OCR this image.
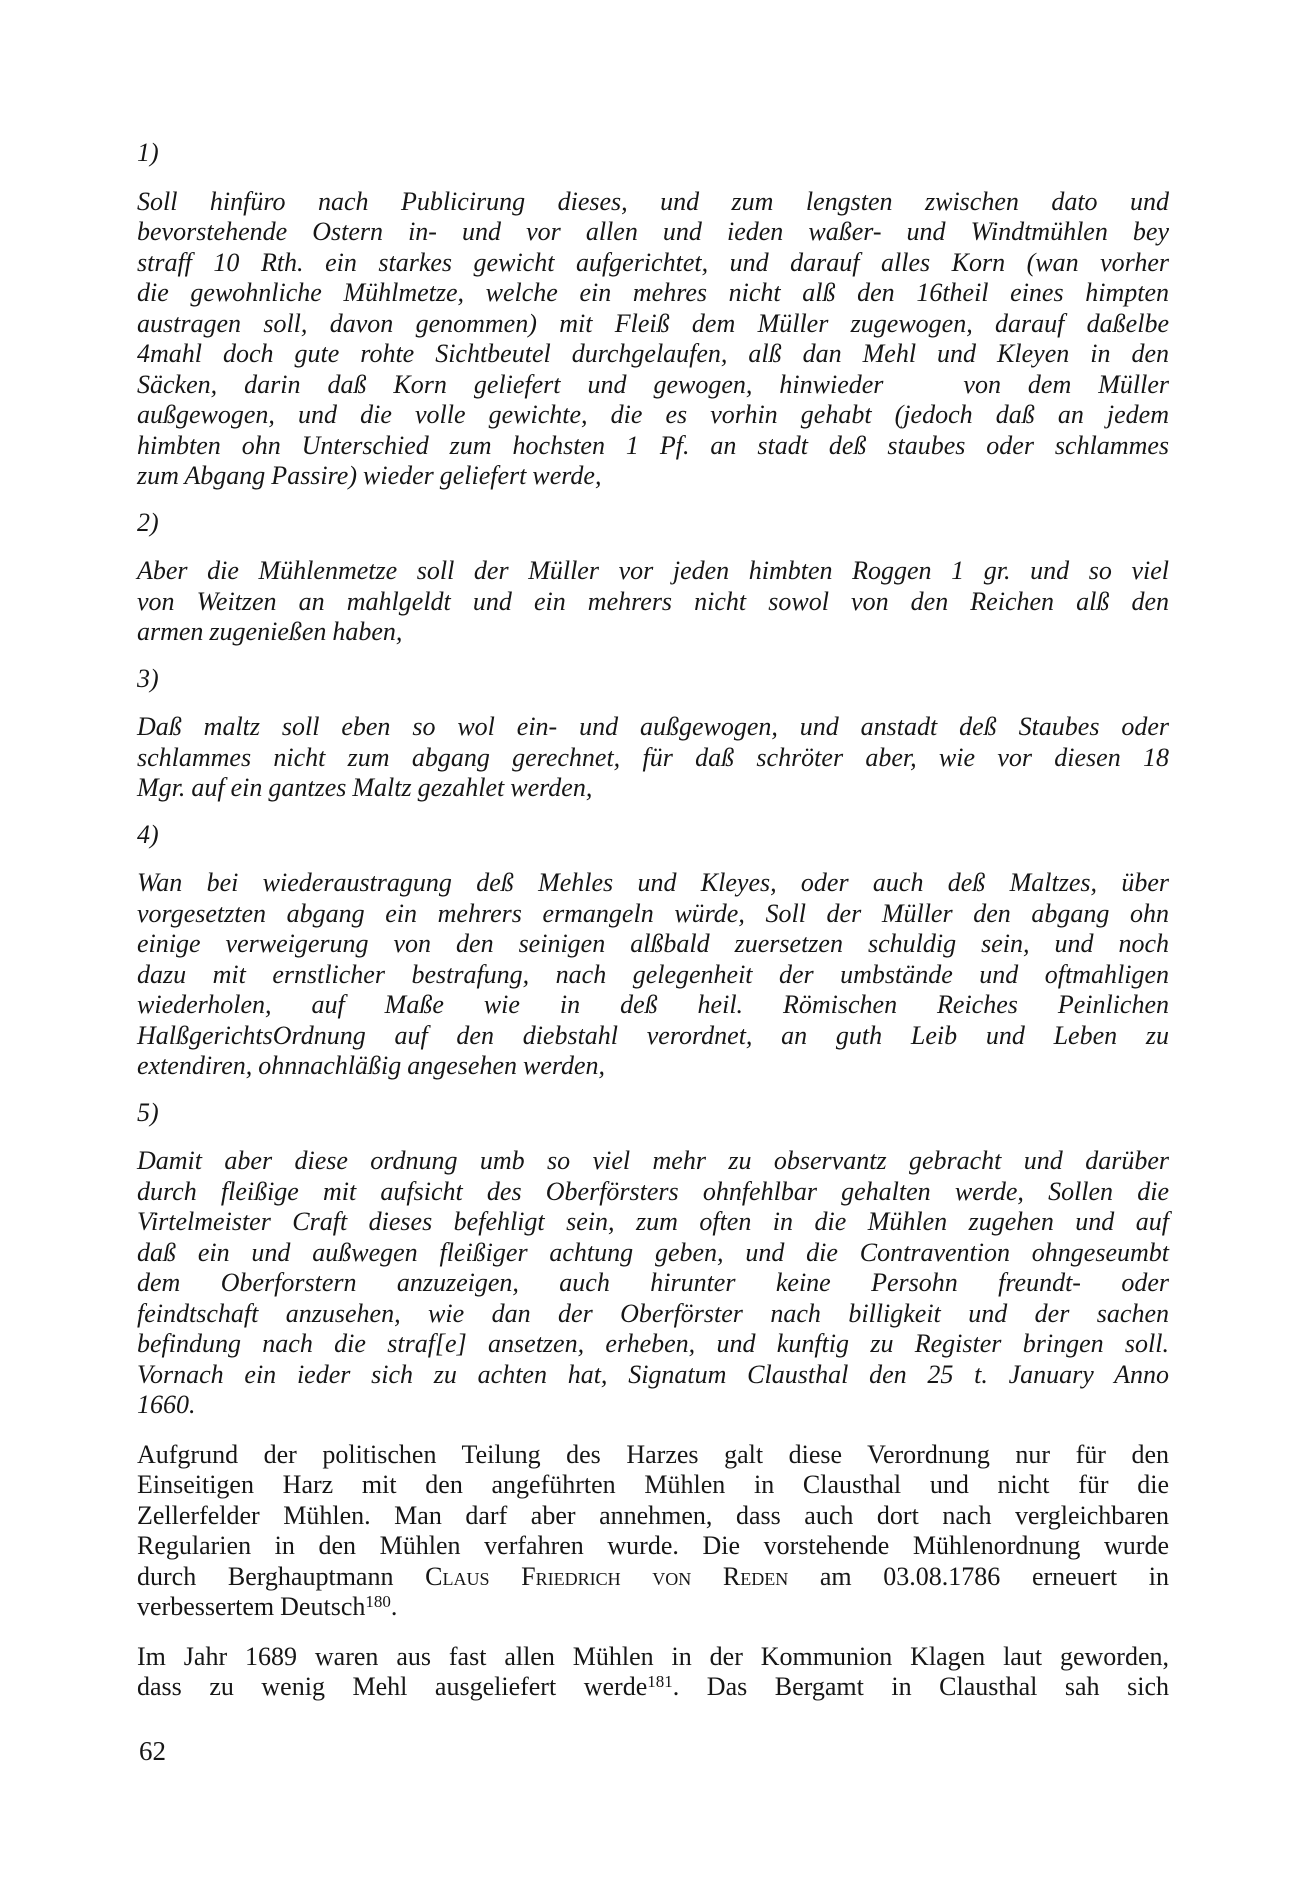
1)
Soll hinfüro nach Publicirung dieses, und zum lengsten zwischen dato und
bevorstehende Ostern in- und vor allen und ieden waßer- und Windtmühlen bey
straff 10 Rth. ein starkes gewicht aufgerichtet, und darauf alles Korn (wan vorher
die gewohnliche Mühlmetze, welche ein mehres nicht alß den 16theil eines himpten
austragen soll, davon genommen) mit Fleiß dem Müller zugewogen, darauf daßelbe
4mahl doch gute rohte Sichtbeutel durchgelaufen, alß dan Mehl und Kleyen in den
Säcken, darin daß Korn geliefert und gewogen, hinwieder	von dem Müller
außgewogen, und die volle gewichte, die es vorhin gehabt (jedoch daß an jedem
himbten ohn Unterschied zum hochsten 1 Pf. an stadt deß staubes oder schlammes
zum Abgang Passire) wieder geliefert werde,
2)
Aber die Mühlenmetze soll der Müller vor jeden himbten Roggen 1 gr. und so viel
von Weitzen an mahlgeldt und ein mehrers nicht sowol von den Reichen alß den
armen zugenießen haben,
3)
Daß maltz soll eben so wol ein- und außgewogen, und anstadt deß Staubes oder
schlammes nicht zum abgang gerechnet, für daß schröter aber, wie vor diesen 18
Mgr. auf ein gantzes Maltz gezahlet werden,
4)
Wan bei wiederaustragung deß Mehles und Kleyes, oder auch deß Maltzes, über
vorgesetzten abgang ein mehrers ermangeln würde, Soll der Müller den abgang ohn
einige verweigerung von den seinigen alßbald zuersetzen schuldig sein, und noch
dazu mit ernstlicher bestrafung, nach gelegenheit der umbstände und oftmahligen
wiederholen, auf Maße wie in deß heil. Römischen Reiches Peinlichen
HalßgerichtsOrdnung auf den diebstahl verordnet, an guth Leib und Leben zu
extendiren, ohnnachläßig angesehen werden,
5)
Damit aber diese ordnung umb so viel mehr zu observantz gebracht und darüber
durch fleißige mit aufsicht des Oberförsters ohnfehlbar gehalten werde, Sollen die
Virtelmeister Craft dieses befehligt sein, zum often in die Mühlen zugehen und auf
daß ein und außwegen fleißiger achtung geben, und die Contravention ohngeseumbt
dem Oberforstern anzuzeigen, auch hirunter keine Persohn freundt- oder
feindtschaft anzusehen, wie dan der Oberförster nach billigkeit und der sachen
befindung nach die straf[e] ansetzen, erheben, und kunftig zu Register bringen soll.
Vornach ein ieder sich zu achten hat, Signatum Clausthal den 25 t. January Anno
1660.
Aufgrund der politischen Teilung des Harzes galt diese Verordnung nur für den
Einseitigen Harz mit den angeführten Mühlen in Clausthal und nicht für die
Zellerfelder Mühlen. Man darf aber annehmen, dass auch dort nach vergleichbaren
Regularien in den Mühlen verfahren wurde. Die vorstehende Mühlenordnung wurde
durch Berghauptmann Claus Friedrich von Reden am 03.08.1786 erneuert in
verbessertem Deutsch$^{180}$.
Im Jahr 1689 waren aus fast allen Mühlen in der Kommunion Klagen laut geworden,
dass zu wenig Mehl ausgeliefert werde$^{181}$. Das Bergamt in Clausthal sah sich
62
